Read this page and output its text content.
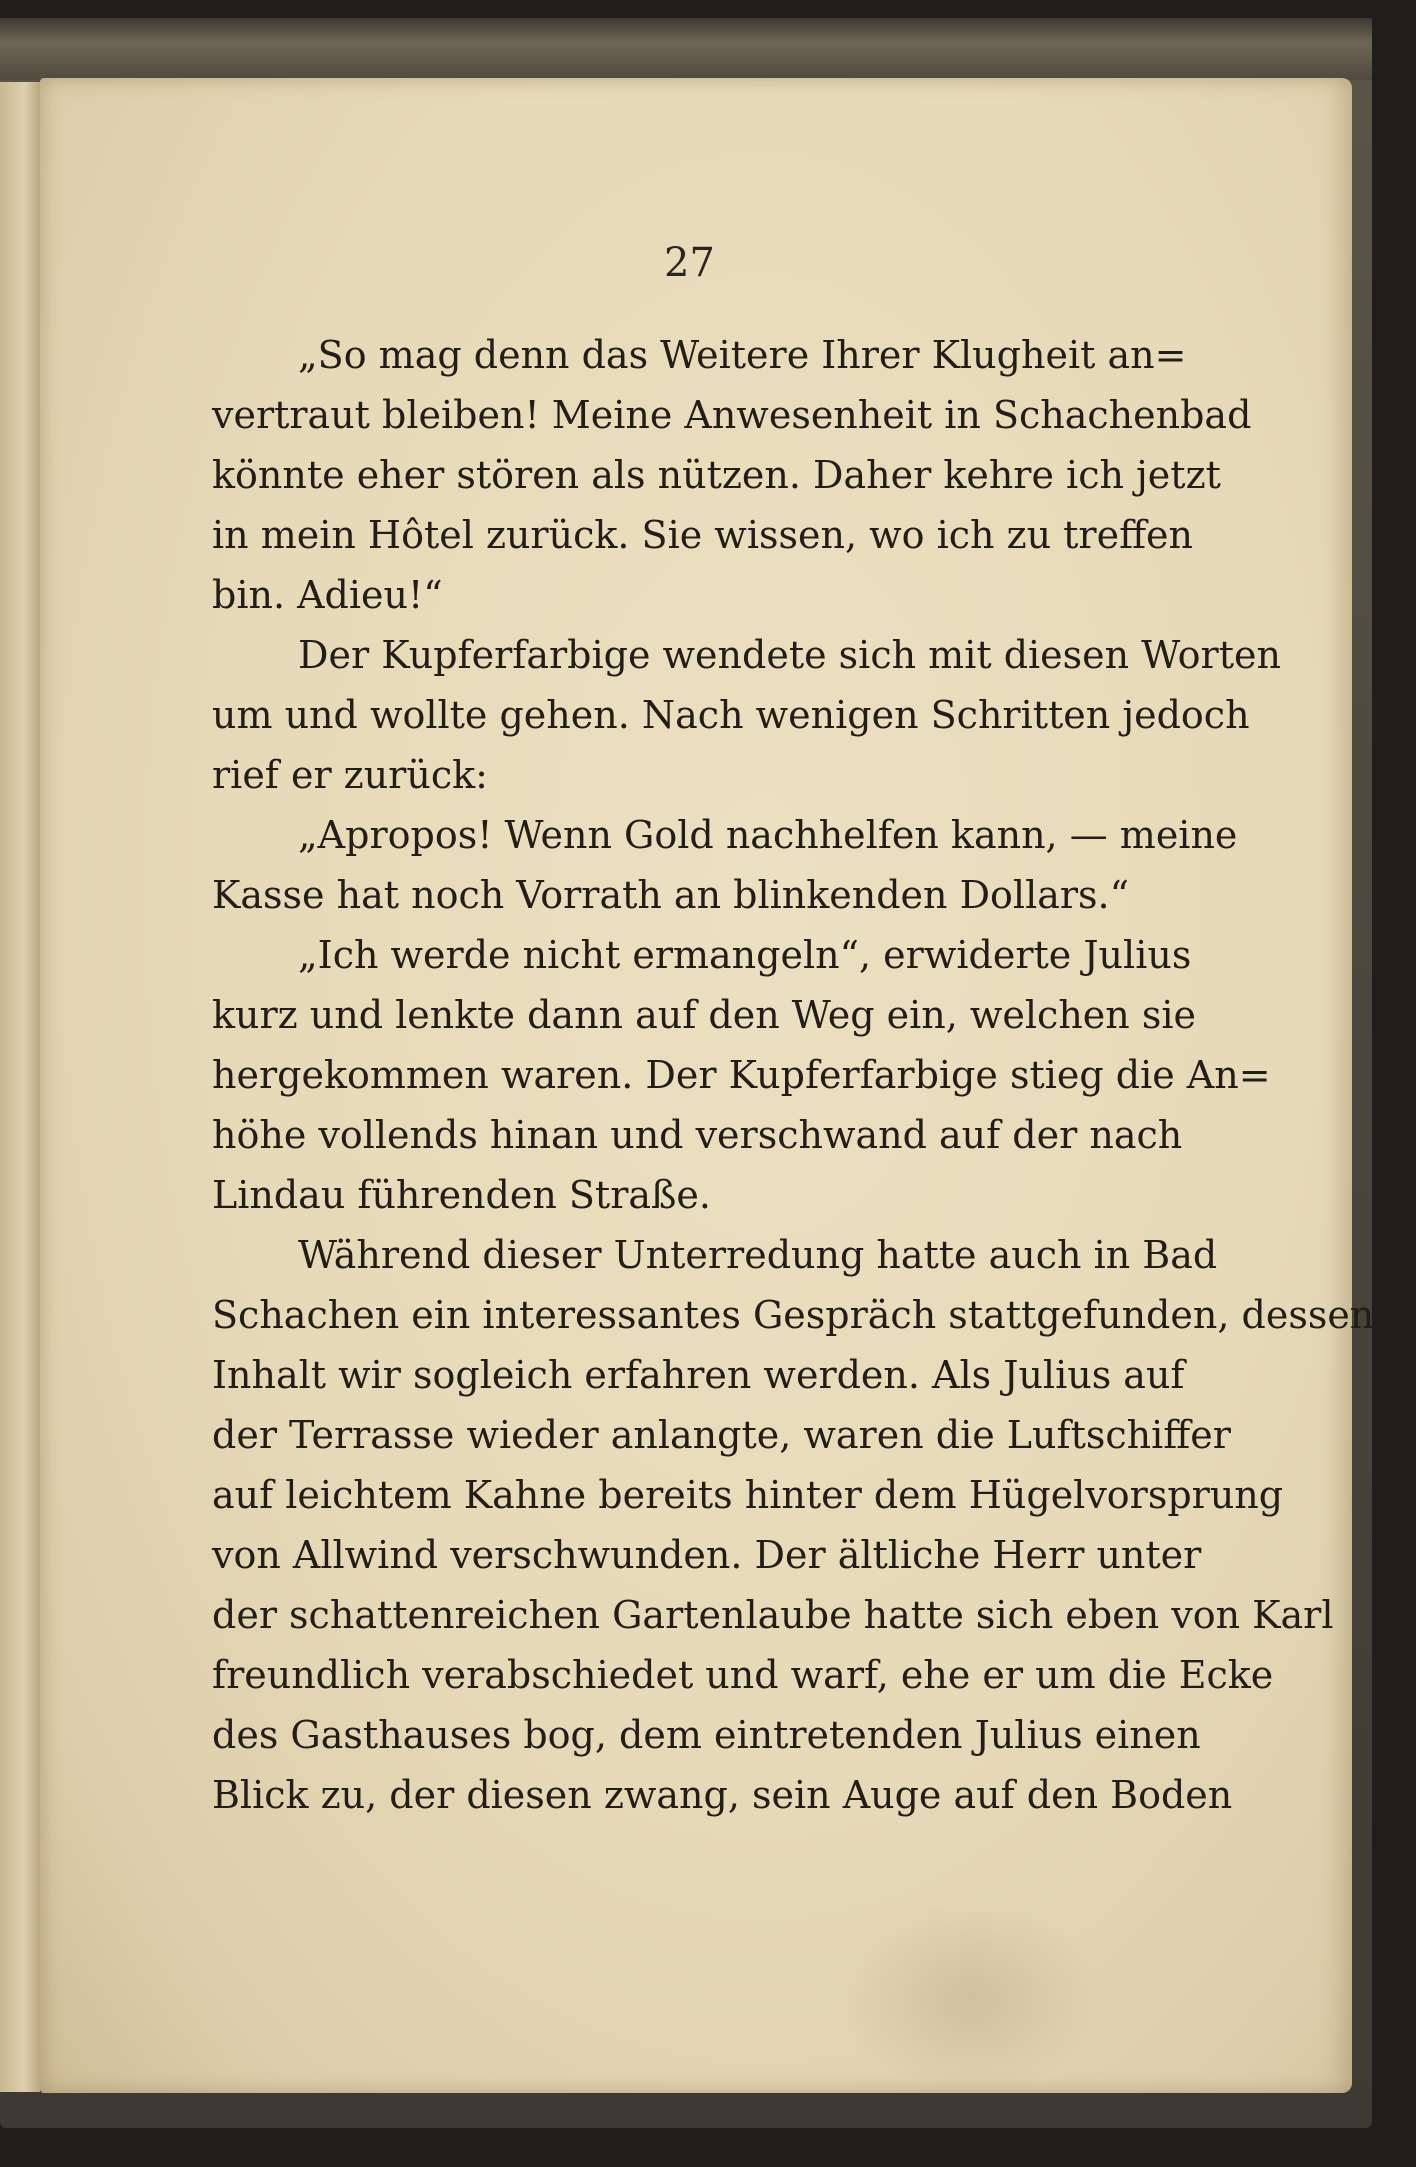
27
„So mag denn das Weitere Ihrer Klugheit an=
vertraut bleiben! Meine Anwesenheit in Schachenbad
könnte eher stören als nützen. Daher kehre ich jetzt
in mein Hôtel zurück. Sie wissen, wo ich zu treffen
bin. Adieu!“
Der Kupferfarbige wendete sich mit diesen Worten
um und wollte gehen. Nach wenigen Schritten jedoch
rief er zurück:
„Apropos! Wenn Gold nachhelfen kann, — meine
Kasse hat noch Vorrath an blinkenden Dollars.“
„Ich werde nicht ermangeln“, erwiderte Julius
kurz und lenkte dann auf den Weg ein, welchen sie
hergekommen waren. Der Kupferfarbige stieg die An=
höhe vollends hinan und verschwand auf der nach
Lindau führenden Straße.
Während dieser Unterredung hatte auch in Bad
Schachen ein interessantes Gespräch stattgefunden, dessen
Inhalt wir sogleich erfahren werden. Als Julius auf
der Terrasse wieder anlangte, waren die Luftschiffer
auf leichtem Kahne bereits hinter dem Hügelvorsprung
von Allwind verschwunden. Der ältliche Herr unter
der schattenreichen Gartenlaube hatte sich eben von Karl
freundlich verabschiedet und warf, ehe er um die Ecke
des Gasthauses bog, dem eintretenden Julius einen
Blick zu, der diesen zwang, sein Auge auf den Boden
